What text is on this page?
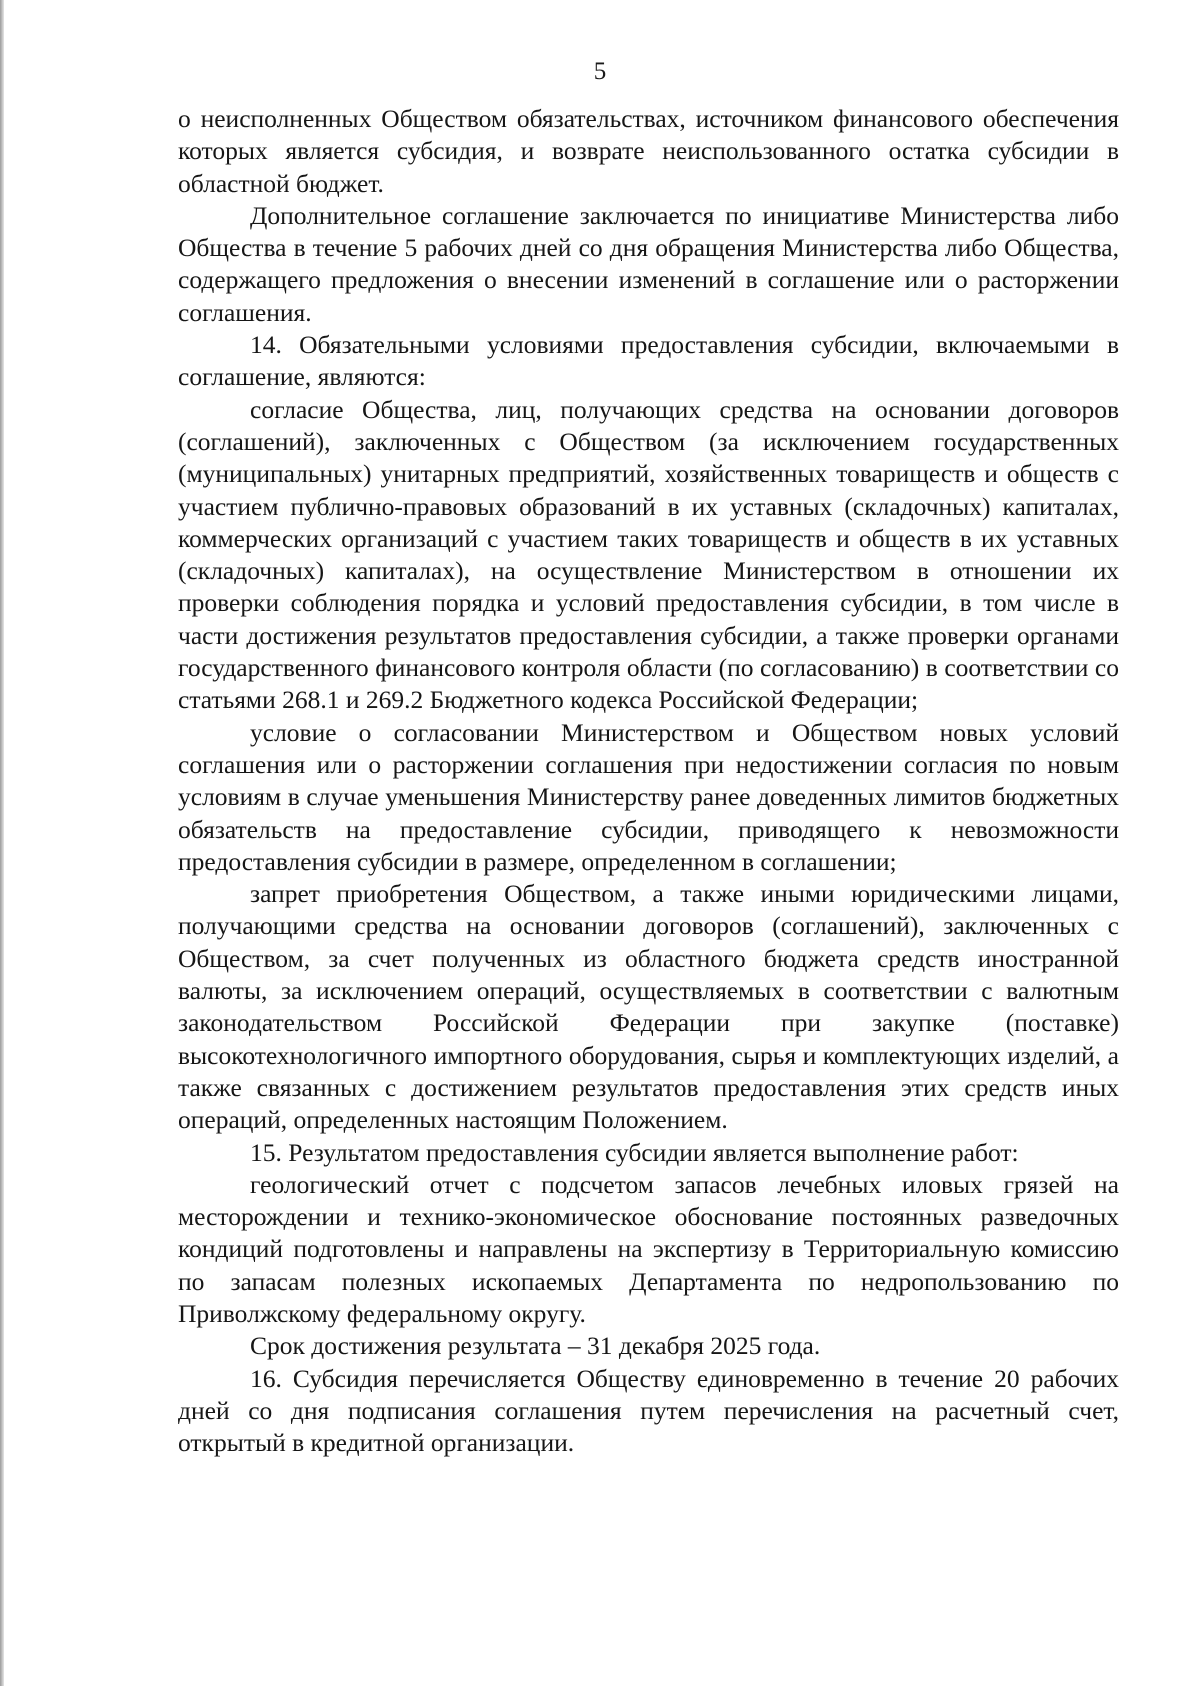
5

о неисполненных Обществом обязательствах, источником финансового обеспечения которых является субсидия, и возврате неиспользованного остатка субсидии в областной бюджет.

Дополнительное соглашение заключается по инициативе Министерства либо Общества в течение 5 рабочих дней со дня обращения Министерства либо Общества, содержащего предложения о внесении изменений в соглашение или о расторжении соглашения.

14. Обязательными условиями предоставления субсидии, включаемыми в соглашение, являются:

согласие Общества, лиц, получающих средства на основании договоров (соглашений), заключенных с Обществом (за исключением государственных (муниципальных) унитарных предприятий, хозяйственных товариществ и обществ с участием публично-правовых образований в их уставных (складочных) капиталах, коммерческих организаций с участием таких товариществ и обществ в их уставных (складочных) капиталах), на осуществление Министерством в отношении их проверки соблюдения порядка и условий предоставления субсидии, в том числе в части достижения результатов предоставления субсидии, а также проверки органами государственного финансового контроля области (по согласованию) в соответствии со статьями 268.1 и 269.2 Бюджетного кодекса Российской Федерации;

условие о согласовании Министерством и Обществом новых условий соглашения или о расторжении соглашения при недостижении согласия по новым условиям в случае уменьшения Министерству ранее доведенных лимитов бюджетных обязательств на предоставление субсидии, приводящего к невозможности предоставления субсидии в размере, определенном в соглашении;

запрет приобретения Обществом, а также иными юридическими лицами, получающими средства на основании договоров (соглашений), заключенных с Обществом, за счет полученных из областного бюджета средств иностранной валюты, за исключением операций, осуществляемых в соответствии с валютным законодательством Российской Федерации при закупке (поставке) высокотехнологичного импортного оборудования, сырья и комплектующих изделий, а также связанных с достижением результатов предоставления этих средств иных операций, определенных настоящим Положением.

15. Результатом предоставления субсидии является выполнение работ:

геологический отчет с подсчетом запасов лечебных иловых грязей на месторождении и технико-экономическое обоснование постоянных разведочных кондиций подготовлены и направлены на экспертизу в Территориальную комиссию по запасам полезных ископаемых Департамента по недропользованию по Приволжскому федеральному округу.

Срок достижения результата – 31 декабря 2025 года.

16. Субсидия перечисляется Обществу единовременно в течение 20 рабочих дней со дня подписания соглашения путем перечисления на расчетный счет, открытый в кредитной организации.
